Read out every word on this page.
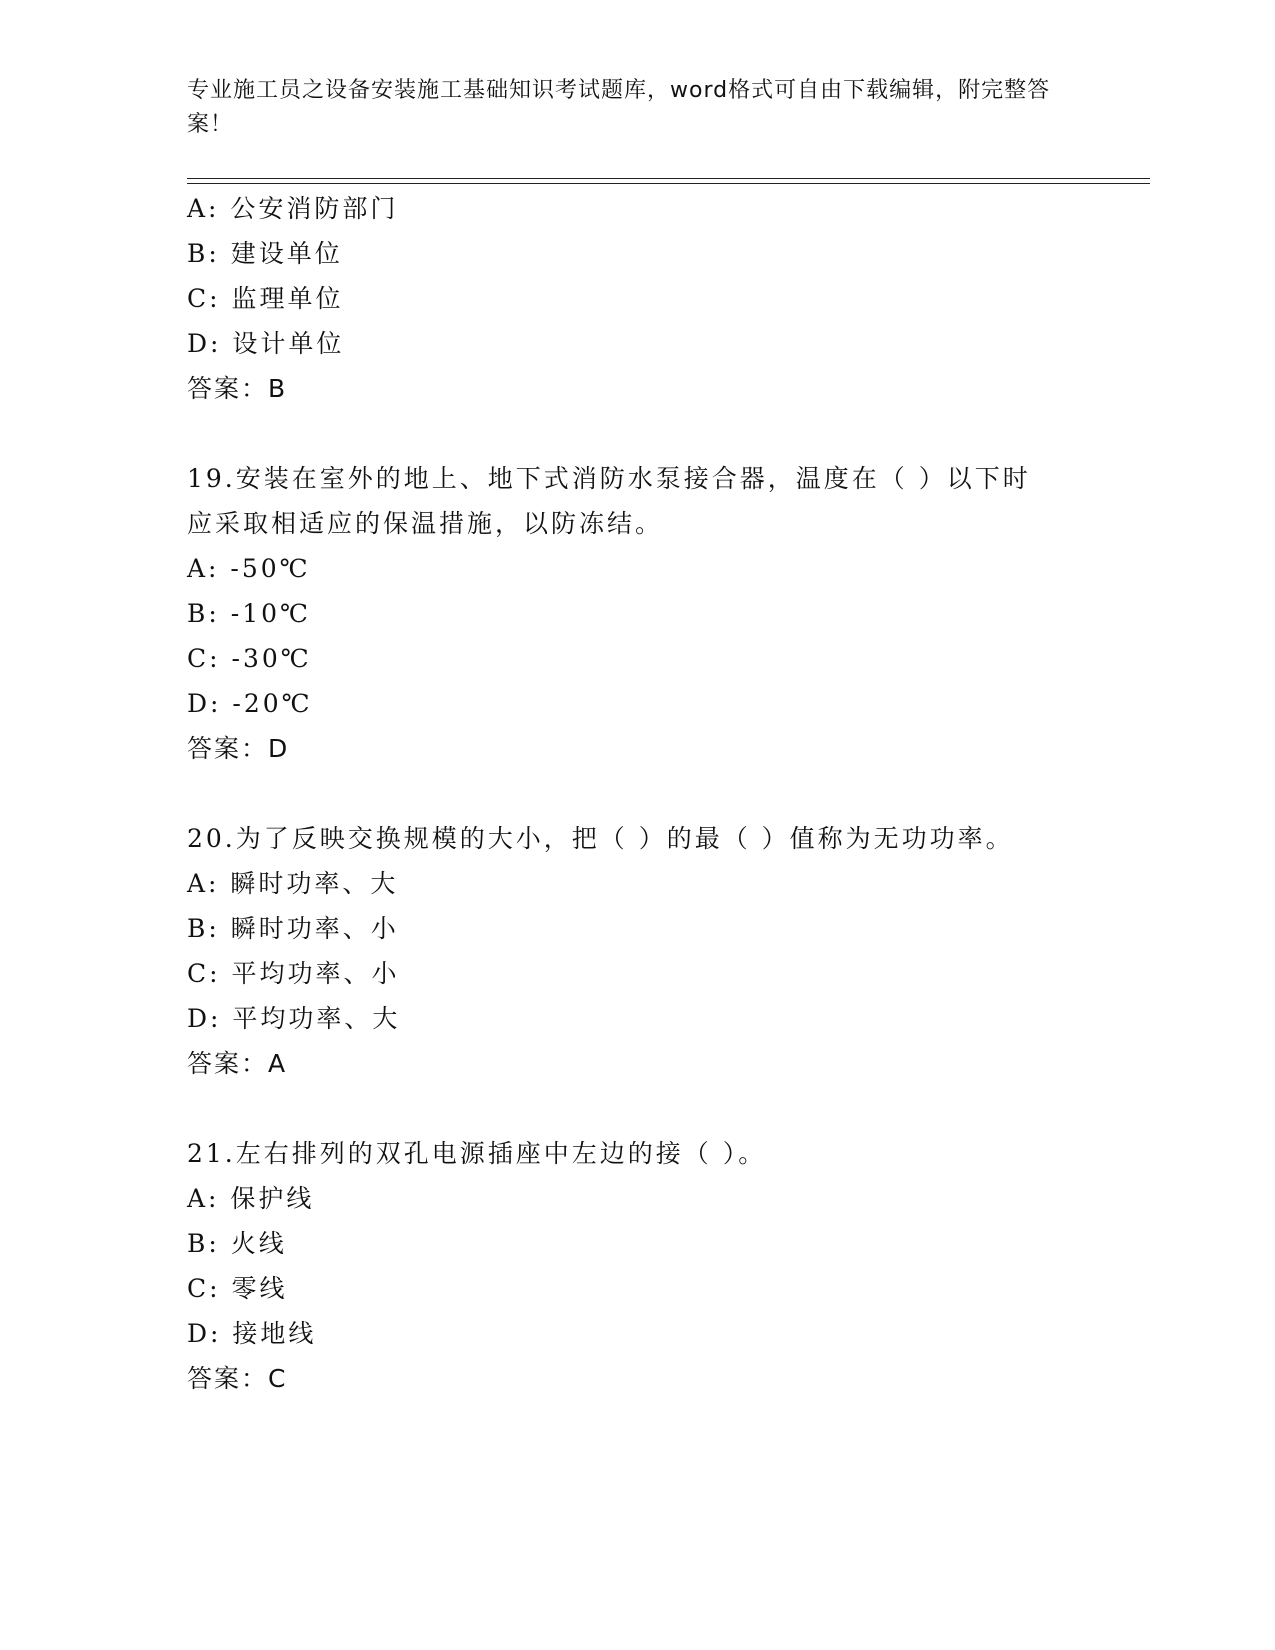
专业施工员之设备安装施工基础知识考试题库，word格式可自由下载编辑，附完整答案！
A: 公安消防部门
B: 建设单位
C: 监理单位
D: 设计单位
答案：B
19.安装在室外的地上、地下式消防水泵接合器，温度在（ ）以下时
应采取相适应的保温措施，以防冻结。
A: -50℃
B: -10℃
C: -30℃
D: -20℃
答案：D
20.为了反映交换规模的大小，把（ ）的最（ ）值称为无功功率。
A: 瞬时功率、大
B: 瞬时功率、小
C: 平均功率、小
D: 平均功率、大
答案：A
21.左右排列的双孔电源插座中左边的接（ ）。
A: 保护线
B: 火线
C: 零线
D: 接地线
答案：C
